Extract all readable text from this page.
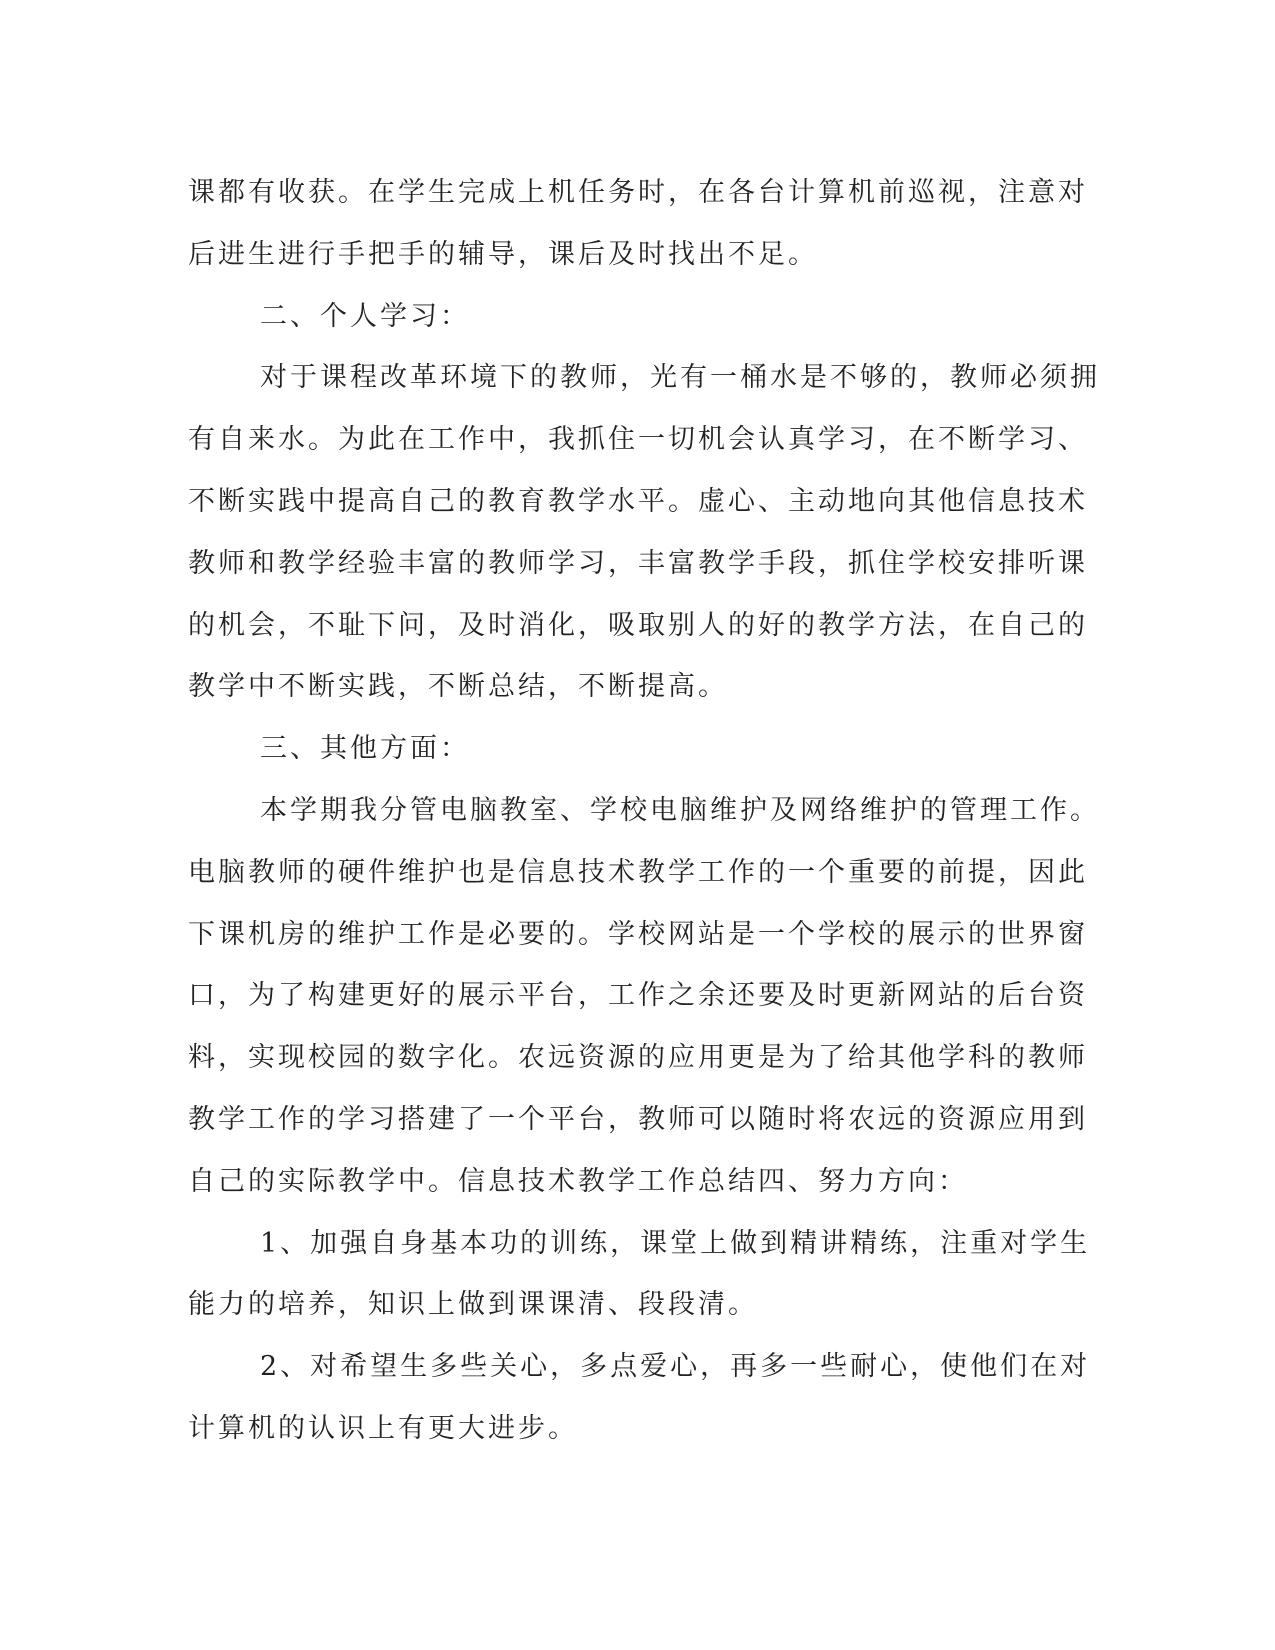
课都有收获。在学生完成上机任务时，在各台计算机前巡视，注意对
后进生进行手把手的辅导，课后及时找出不足。
二、个人学习：
对于课程改革环境下的教师，光有一桶水是不够的，教师必须拥
有自来水。为此在工作中，我抓住一切机会认真学习，在不断学习、
不断实践中提高自己的教育教学水平。虚心、主动地向其他信息技术
教师和教学经验丰富的教师学习，丰富教学手段，抓住学校安排听课
的机会，不耻下问，及时消化，吸取别人的好的教学方法，在自己的
教学中不断实践，不断总结，不断提高。
三、其他方面：
本学期我分管电脑教室、学校电脑维护及网络维护的管理工作。
电脑教师的硬件维护也是信息技术教学工作的一个重要的前提，因此
下课机房的维护工作是必要的。学校网站是一个学校的展示的世界窗
口，为了构建更好的展示平台，工作之余还要及时更新网站的后台资
料，实现校园的数字化。农远资源的应用更是为了给其他学科的教师
教学工作的学习搭建了一个平台，教师可以随时将农远的资源应用到
自己的实际教学中。信息技术教学工作总结四、努力方向：
1、加强自身基本功的训练，课堂上做到精讲精练，注重对学生
能力的培养，知识上做到课课清、段段清。
2、对希望生多些关心，多点爱心，再多一些耐心，使他们在对
计算机的认识上有更大进步。
